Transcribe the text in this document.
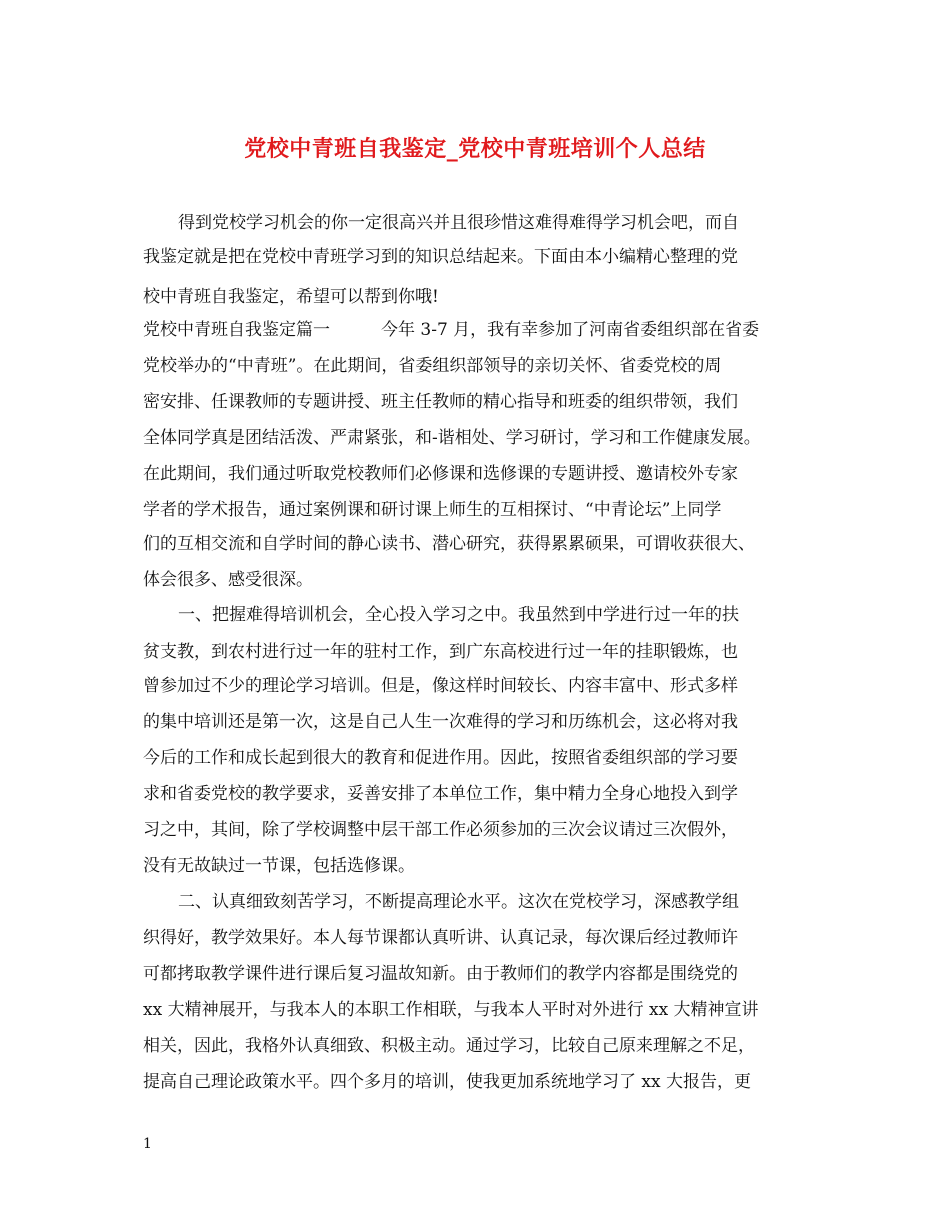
党校中青班自我鉴定_党校中青班培训个人总结
得到党校学习机会的你一定很高兴并且很珍惜这难得难得学习机会吧，而自
我鉴定就是把在党校中青班学习到的知识总结起来。下面由本小编精心整理的党
校中青班自我鉴定，希望可以帮到你哦!
党校中青班自我鉴定篇一　　　今年 3-7 月，我有幸参加了河南省委组织部在省委
党校举办的“中青班”。在此期间，省委组织部领导的亲切关怀、省委党校的周
密安排、任课教师的专题讲授、班主任教师的精心指导和班委的组织带领，我们
全体同学真是团结活泼、严肃紧张，和-谐相处、学习研讨，学习和工作健康发展。
在此期间，我们通过听取党校教师们必修课和选修课的专题讲授、邀请校外专家
学者的学术报告，通过案例课和研讨课上师生的互相探讨、“中青论坛”上同学
们的互相交流和自学时间的静心读书、潜心研究，获得累累硕果，可谓收获很大、
体会很多、感受很深。
一、把握难得培训机会，全心投入学习之中。我虽然到中学进行过一年的扶
贫支教，到农村进行过一年的驻村工作，到广东高校进行过一年的挂职锻炼，也
曾参加过不少的理论学习培训。但是，像这样时间较长、内容丰富中、形式多样
的集中培训还是第一次，这是自己人生一次难得的学习和历练机会，这必将对我
今后的工作和成长起到很大的教育和促进作用。因此，按照省委组织部的学习要
求和省委党校的教学要求，妥善安排了本单位工作，集中精力全身心地投入到学
习之中，其间，除了学校调整中层干部工作必须参加的三次会议请过三次假外，
没有无故缺过一节课，包括选修课。
二、认真细致刻苦学习，不断提高理论水平。这次在党校学习，深感教学组
织得好，教学效果好。本人每节课都认真听讲、认真记录，每次课后经过教师许
可都拷取教学课件进行课后复习温故知新。由于教师们的教学内容都是围绕党的
xx 大精神展开，与我本人的本职工作相联，与我本人平时对外进行 xx 大精神宣讲
相关，因此，我格外认真细致、积极主动。通过学习，比较自己原来理解之不足，
提高自己理论政策水平。四个多月的培训，使我更加系统地学习了 xx 大报告，更
1
